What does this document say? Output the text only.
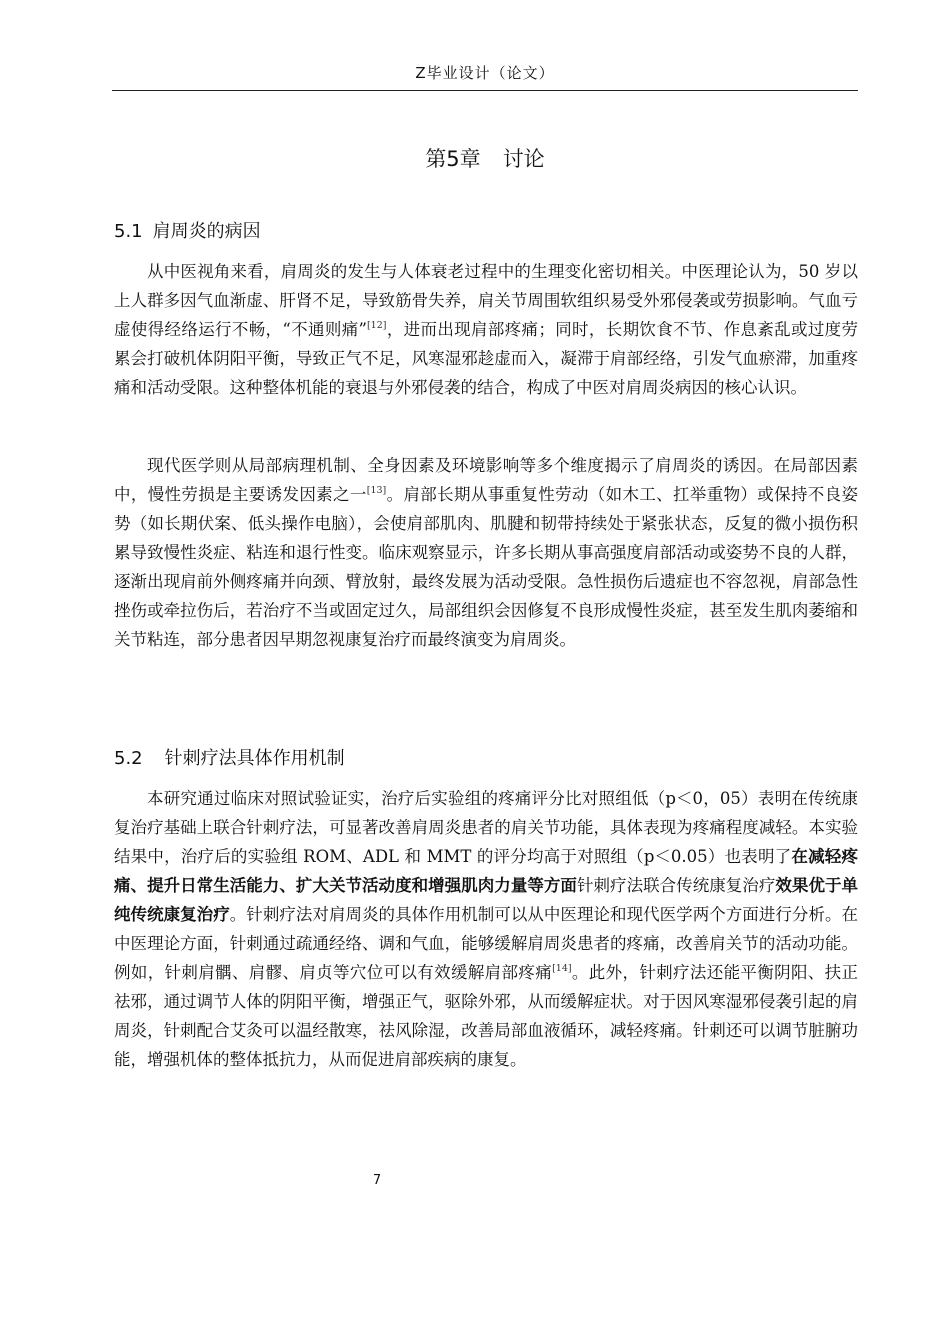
Z毕业设计（论文）
第5章 讨论
5.1 肩周炎的病因

从中医视角来看，肩周炎的发生与人体衰老过程中的生理变化密切相关。中医理论认为，50 岁以上人群多因气血渐虚、肝肾不足，导致筋骨失养，肩关节周围软组织易受外邪侵袭或劳损影响。气血亏虚使得经络运行不畅，“不通则痛”[12]，进而出现肩部疼痛；同时，长期饮食不节、作息紊乱或过度劳累会打破机体阴阳平衡，导致正气不足，风寒湿邪趁虚而入，凝滞于肩部经络，引发气血瘀滞，加重疼痛和活动受限。这种整体机能的衰退与外邪侵袭的结合，构成了中医对肩周炎病因的核心认识。

现代医学则从局部病理机制、全身因素及环境影响等多个维度揭示了肩周炎的诱因。在局部因素中，慢性劳损是主要诱发因素之一[13]。肩部长期从事重复性劳动（如木工、扛举重物）或保持不良姿势（如长期伏案、低头操作电脑），会使肩部肌肉、肌腱和韧带持续处于紧张状态，反复的微小损伤积累导致慢性炎症、粘连和退行性变。临床观察显示，许多长期从事高强度肩部活动或姿势不良的人群，逐渐出现肩前外侧疼痛并向颈、臂放射，最终发展为活动受限。急性损伤后遗症也不容忽视，肩部急性挫伤或牵拉伤后，若治疗不当或固定过久，局部组织会因修复不良形成慢性炎症，甚至发生肌肉萎缩和关节粘连，部分患者因早期忽视康复治疗而最终演变为肩周炎。

5.2 针刺疗法具体作用机制

本研究通过临床对照试验证实，治疗后实验组的疼痛评分比对照组低（p＜0，05）表明在传统康复治疗基础上联合针刺疗法，可显著改善肩周炎患者的肩关节功能，具体表现为疼痛程度减轻。本实验结果中，治疗后的实验组 ROM、ADL 和 MMT 的评分均高于对照组（p＜0.05）也表明了在减轻疼痛、提升日常生活能力、扩大关节活动度和增强肌肉力量等方面针刺疗法联合传统康复治疗效果优于单纯传统康复治疗。针刺疗法对肩周炎的具体作用机制可以从中医理论和现代医学两个方面进行分析。在中医理论方面，针刺通过疏通经络、调和气血，能够缓解肩周炎患者的疼痛，改善肩关节的活动功能。例如，针刺肩髃、肩髎、肩贞等穴位可以有效缓解肩部疼痛[14]。此外，针刺疗法还能平衡阴阳、扶正祛邪，通过调节人体的阴阳平衡，增强正气，驱除外邪，从而缓解症状。对于因风寒湿邪侵袭引起的肩周炎，针刺配合艾灸可以温经散寒，祛风除湿，改善局部血液循环，减轻疼痛。针刺还可以调节脏腑功能，增强机体的整体抵抗力，从而促进肩部疾病的康复。

7
